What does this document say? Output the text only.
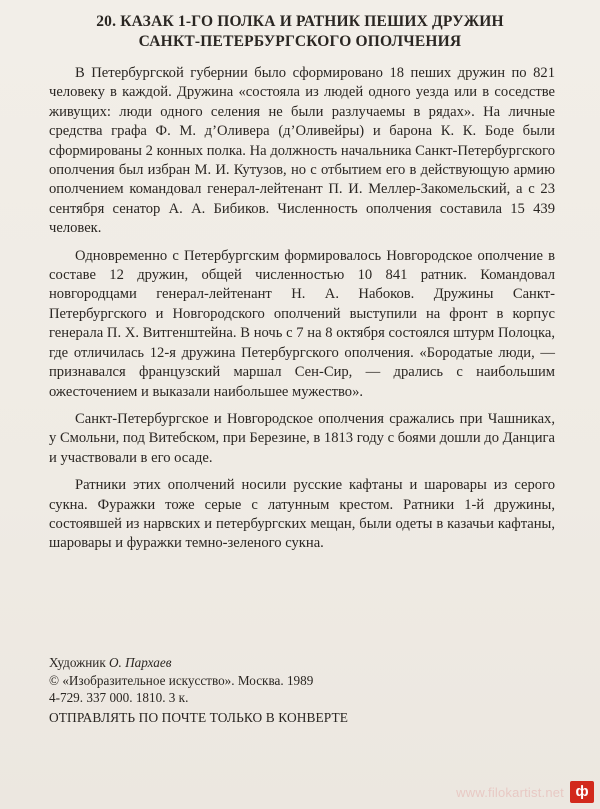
20. КАЗАК 1-ГО ПОЛКА И РАТНИК ПЕШИХ ДРУЖИН
САНКТ-ПЕТЕРБУРГСКОГО ОПОЛЧЕНИЯ

В Петербургской губернии было сформировано 18 пеших дружин по 821 человеку в каждой. Дружина «состояла из людей одного уезда или в соседстве живущих: люди одного селения не были разлучаемы в рядах». На личные средства графа Ф. М. д’Оливера (д’Оливейры) и барона К. К. Боде были сформированы 2 конных полка. На должность начальника Санкт-Петербургского ополчения был избран М. И. Кутузов, но с отбытием его в действующую армию ополчением командовал генерал-лейтенант П. И. Меллер-Закомельский, а с 23 сентября сенатор А. А. Бибиков. Численность ополчения составила 15 439 человек.

Одновременно с Петербургским формировалось Новгородское ополчение в составе 12 дружин, общей численностью 10 841 ратник. Командовал новгородцами генерал-лейтенант Н. А. Набоков. Дружины Санкт-Петербургского и Новгородского ополчений выступили на фронт в корпус генерала П. Х. Витгенштейна. В ночь с 7 на 8 октября состоялся штурм Полоцка, где отличилась 12-я дружина Петербургского ополчения. «Бородатые люди, — признавался французский маршал Сен-Сир, — дрались с наибольшим ожесточением и выказали наибольшее мужество».

Санкт-Петербургское и Новгородское ополчения сражались при Чашниках, у Смольни, под Витебском, при Березине, в 1813 году с боями дошли до Данцига и участвовали в его осаде.

Ратники этих ополчений носили русские кафтаны и шаровары из серого сукна. Фуражки тоже серые с латунным крестом. Ратники 1-й дружины, состоявшей из нарвских и петербургских мещан, были одеты в казачьи кафтаны, шаровары и фуражки темно-зеленого сукна.

Художник О. Пархаев
© «Изобразительное искусство». Москва. 1989
4-729. 337 000. 1810. 3 к.
ОТПРАВЛЯТЬ ПО ПОЧТЕ ТОЛЬКО В КОНВЕРТЕ
www.filokartist.net ф
